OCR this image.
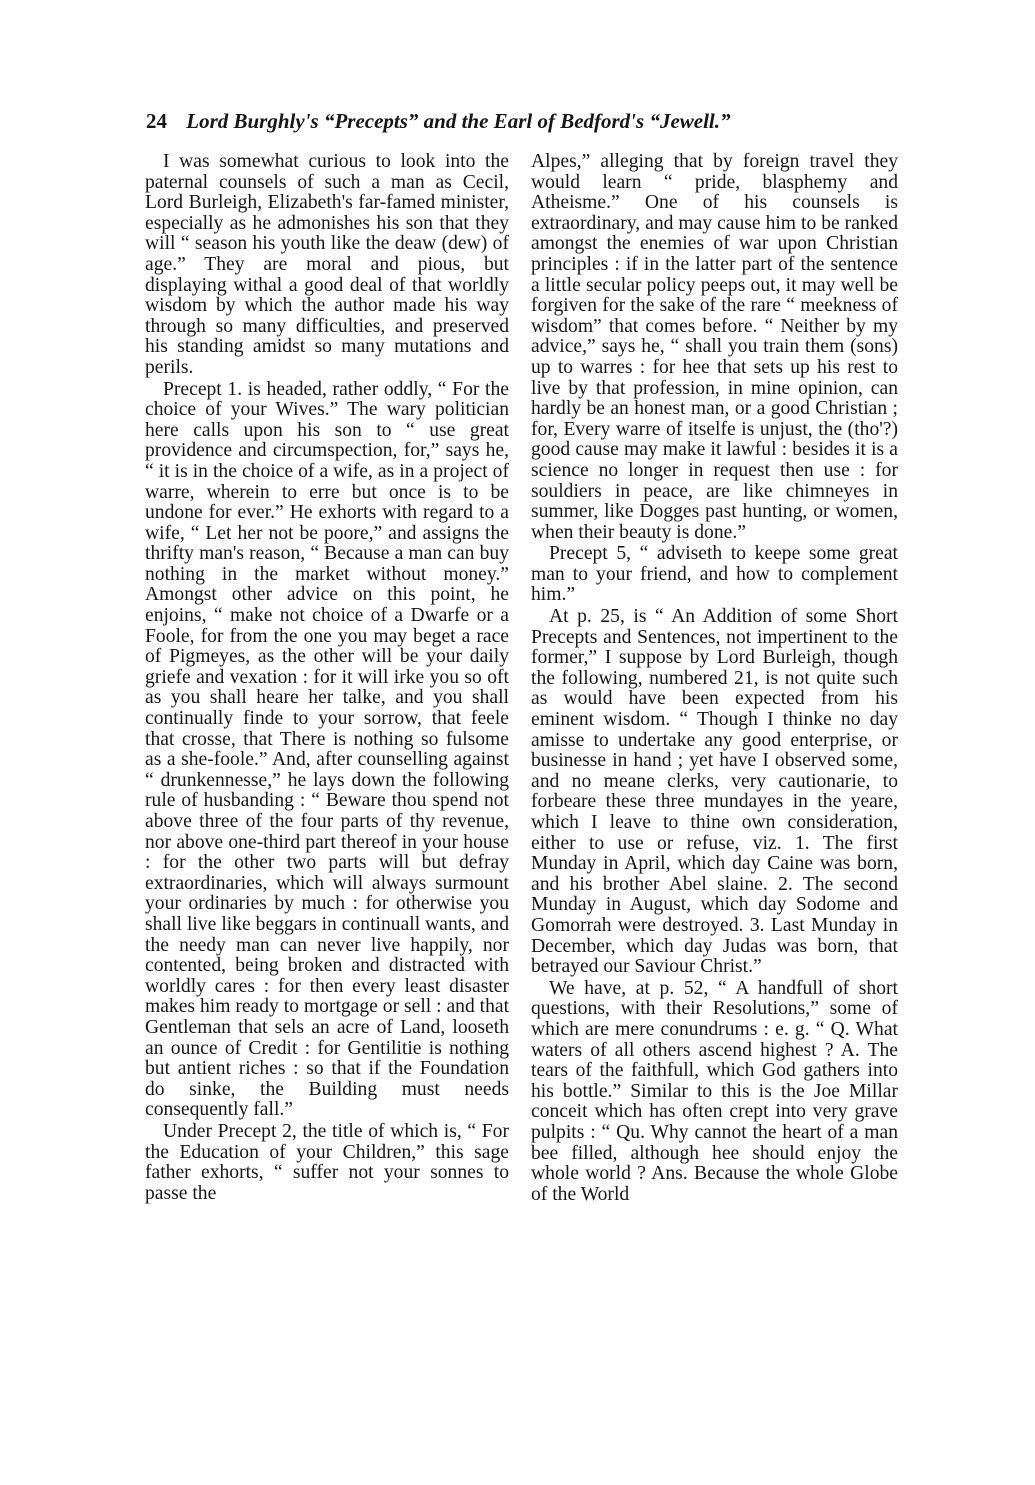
24 Lord Burghly's “Precepts” and the Earl of Bedford's “Jewell.”

I was somewhat curious to look into the paternal counsels of such a man as Cecil, Lord Burleigh, Elizabeth's far-famed minister, especially as he admonishes his son that they will “ season his youth like the deaw (dew) of age.” They are moral and pious, but displaying withal a good deal of that worldly wisdom by which the author made his way through so many difficulties, and preserved his standing amidst so many mutations and perils.

Precept 1. is headed, rather oddly, “ For the choice of your Wives.” The wary politician here calls upon his son to “ use great providence and circumspection, for,” says he, “ it is in the choice of a wife, as in a project of warre, wherein to erre but once is to be undone for ever.” He exhorts with regard to a wife, “ Let her not be poore,” and assigns the thrifty man's reason, “ Because a man can buy nothing in the market without money.” Amongst other advice on this point, he enjoins, “ make not choice of a Dwarfe or a Foole, for from the one you may beget a race of Pigmeyes, as the other will be your daily griefe and vexation : for it will irke you so oft as you shall heare her talke, and you shall continually finde to your sorrow, that feele that crosse, that There is nothing so fulsome as a she-foole.” And, after counselling against “ drunkennesse,” he lays down the following rule of husbanding : “ Beware thou spend not above three of the four parts of thy revenue, nor above one-third part thereof in your house : for the other two parts will but defray extraordinaries, which will always surmount your ordinaries by much : for otherwise you shall live like beggars in continuall wants, and the needy man can never live happily, nor contented, being broken and distracted with worldly cares : for then every least disaster makes him ready to mortgage or sell : and that Gentleman that sels an acre of Land, looseth an ounce of Credit : for Gentilitie is nothing but antient riches : so that if the Foundation do sinke, the Building must needs consequently fall.”

Under Precept 2, the title of which is, “ For the Education of your Children,” this sage father exhorts, “ suffer not your sonnes to passe the

Alpes,” alleging that by foreign travel they would learn “ pride, blasphemy and Atheisme.” One of his counsels is extraordinary, and may cause him to be ranked amongst the enemies of war upon Christian principles : if in the latter part of the sentence a little secular policy peeps out, it may well be forgiven for the sake of the rare “ meekness of wisdom” that comes before. “ Neither by my advice,” says he, “ shall you train them (sons) up to warres : for hee that sets up his rest to live by that profession, in mine opinion, can hardly be an honest man, or a good Christian ; for, Every warre of itselfe is unjust, the (tho'?) good cause may make it lawful : besides it is a science no longer in request then use : for souldiers in peace, are like chimneyes in summer, like Dogges past hunting, or women, when their beauty is done.”

Precept 5, “ adviseth to keepe some great man to your friend, and how to complement him.”

At p. 25, is “ An Addition of some Short Precepts and Sentences, not impertinent to the former,” I suppose by Lord Burleigh, though the following, numbered 21, is not quite such as would have been expected from his eminent wisdom. “ Though I thinke no day amisse to undertake any good enterprise, or businesse in hand ; yet have I observed some, and no meane clerks, very cautionarie, to forbeare these three mundayes in the yeare, which I leave to thine own consideration, either to use or refuse, viz. 1. The first Munday in April, which day Caine was born, and his brother Abel slaine. 2. The second Munday in August, which day Sodome and Gomorrah were destroyed. 3. Last Munday in December, which day Judas was born, that betrayed our Saviour Christ.”

We have, at p. 52, “ A handfull of short questions, with their Resolutions,” some of which are mere conundrums : e. g. “ Q. What waters of all others ascend highest ? A. The tears of the faithfull, which God gathers into his bottle.” Similar to this is the Joe Millar conceit which has often crept into very grave pulpits : “ Qu. Why cannot the heart of a man bee filled, although hee should enjoy the whole world ? Ans. Because the whole Globe of the World
